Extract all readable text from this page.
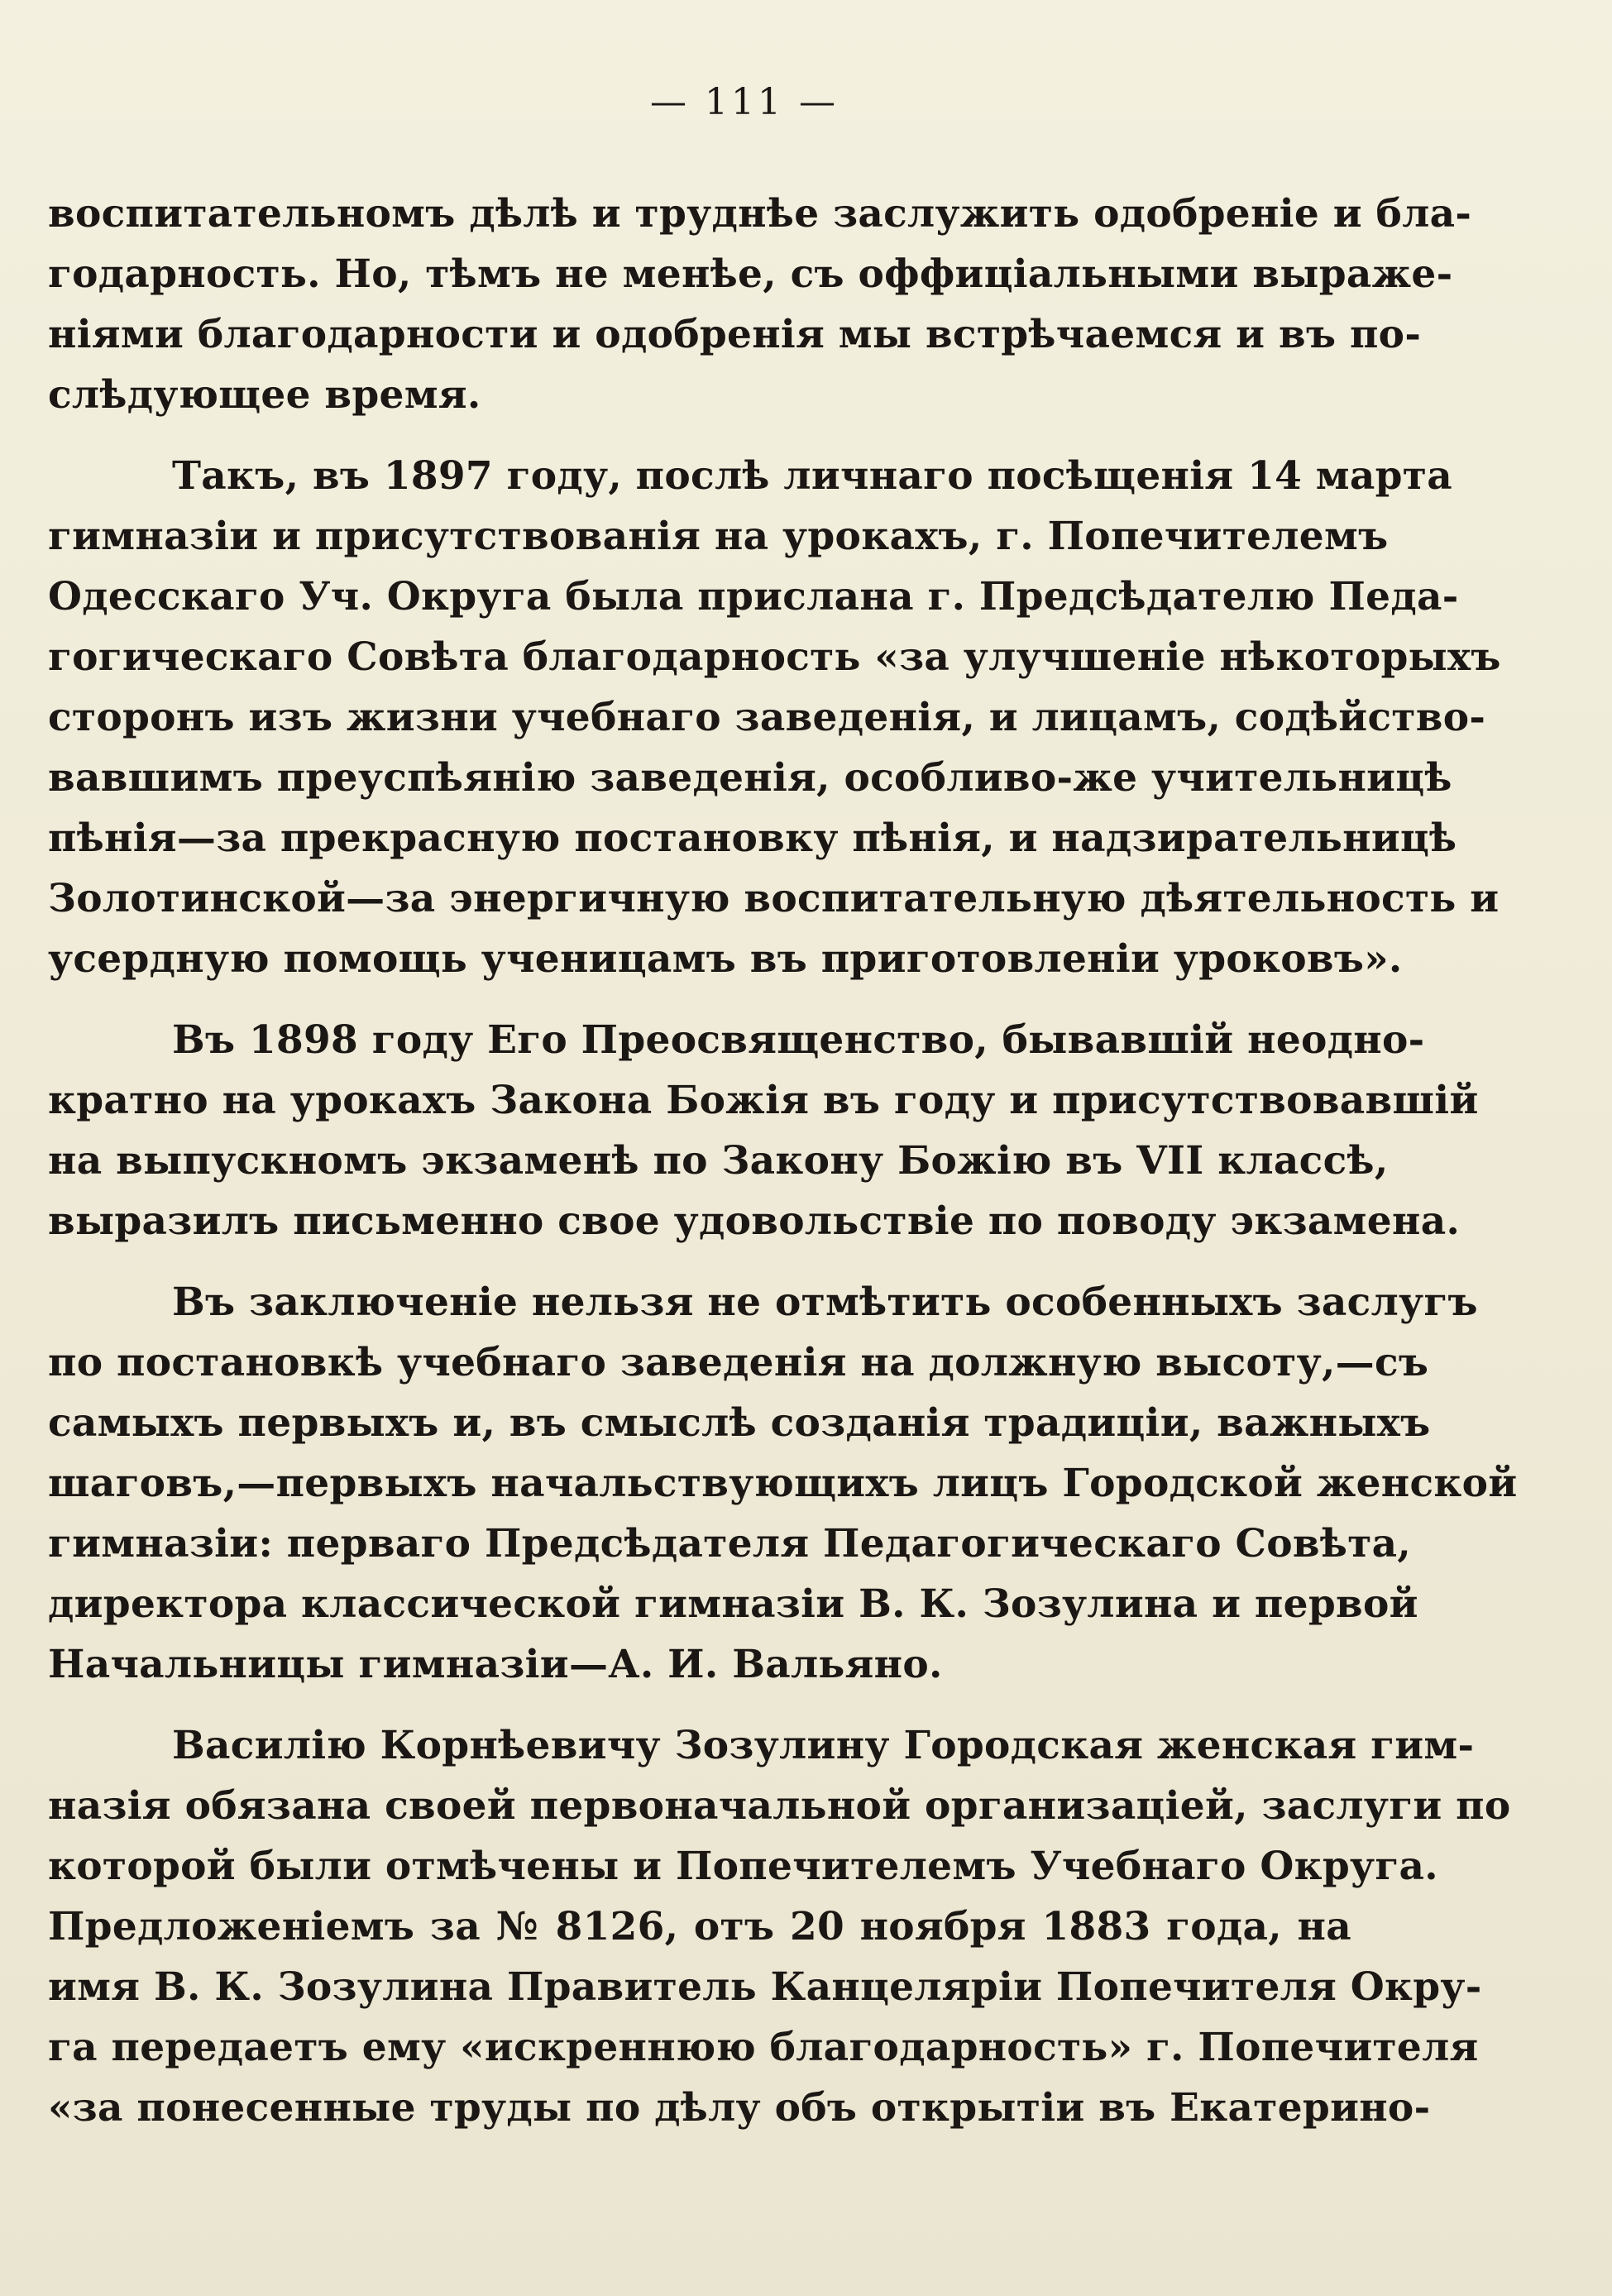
— 111 —
воспитательномъ дѣлѣ и труднѣе заслужить одобреніе и бла-
годарность. Но, тѣмъ не менѣе, съ оффиціальными выраже-
ніями благодарности и одобренія мы встрѣчаемся и въ по-
слѣдующее время.
Такъ, въ 1897 году, послѣ личнаго посѣщенія 14 марта
гимназіи и присутствованія на урокахъ, г. Попечителемъ
Одесскаго Уч. Округа была прислана г. Предсѣдателю Педа-
гогическаго Совѣта благодарность «за улучшеніе нѣкоторыхъ
сторонъ изъ жизни учебнаго заведенія, и лицамъ, содѣйство-
вавшимъ преуспѣянію заведенія, особливо-же учительницѣ
пѣнія—за прекрасную постановку пѣнія, и надзирательницѣ
Золотинской—за энергичную воспитательную дѣятельность и
усердную помощь ученицамъ въ приготовленіи уроковъ».
Въ 1898 году Его Преосвященство, бывавшій неодно-
кратно на урокахъ Закона Божія въ году и присутствовавшій
на выпускномъ экзаменѣ по Закону Божію въ VII классѣ,
выразилъ письменно свое удовольствіе по поводу экзамена.
Въ заключеніе нельзя не отмѣтить особенныхъ заслугъ
по постановкѣ учебнаго заведенія на должную высоту,—съ
самыхъ первыхъ и, въ смыслѣ созданія традиціи, важныхъ
шаговъ,—первыхъ начальствующихъ лицъ Городской женской
гимназіи: перваго Предсѣдателя Педагогическаго Совѣта,
директора классической гимназіи В. К. Зозулина и первой
Начальницы гимназіи—А. И. Вальяно.
Василію Корнѣевичу Зозулину Городская женская гим-
назія обязана своей первоначальной организаціей, заслуги по
которой были отмѣчены и Попечителемъ Учебнаго Округа.
Предложеніемъ за № 8126, отъ 20 ноября 1883 года, на
имя В. К. Зозулина Правитель Канцеляріи Попечителя Окру-
га передаетъ ему «искреннюю благодарность» г. Попечителя
«за понесенные труды по дѣлу объ открытіи въ Екатерино-
